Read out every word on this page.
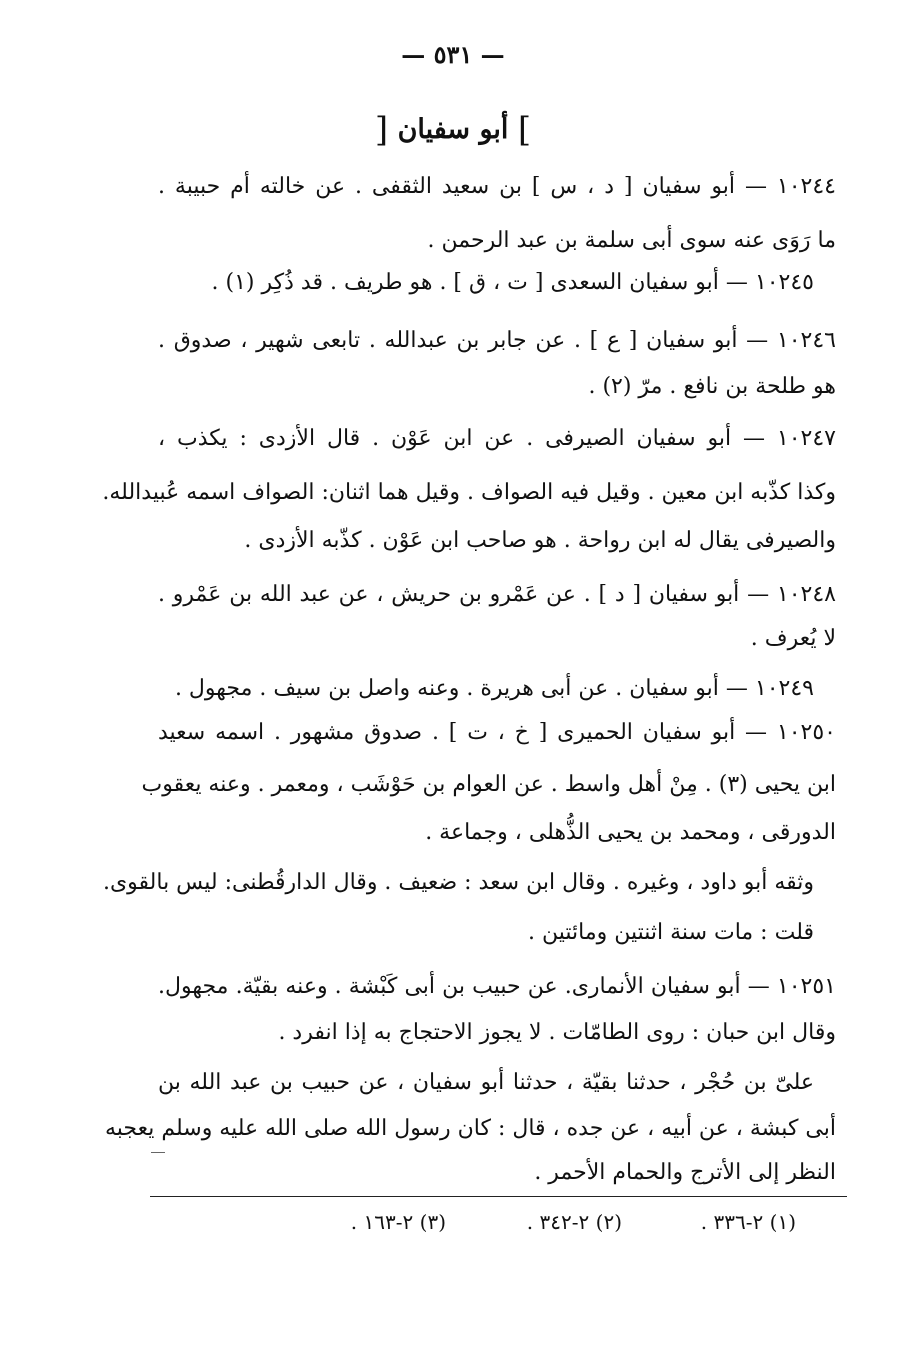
— ٥٣١ —
] أبو سفيان [
١٠٢٤٤ — أبو سفيان [ د ، س ] بن سعيد الثقفى . عن خالته أم حبيبة .
ما رَوَى عنه سوى أبى سلمة بن عبد الرحمن .
١٠٢٤٥ — أبو سفيان السعدى [ ت ، ق ] . هو طريف . قد ذُكِر (١) .
١٠٢٤٦ — أبو سفيان [ ع ] . عن جابر بن عبدالله . تابعى شهير ، صدوق .
هو طلحة بن نافع . مرّ (٢) .
١٠٢٤٧ — أبو سفيان الصيرفى . عن ابن عَوْن . قال الأزدى : يكذب ،
وكذا كذّبه ابن معين . وقيل فيه الصواف . وقيل هما اثنان: الصواف اسمه عُبيدالله.
والصيرفى يقال له ابن رواحة . هو صاحب ابن عَوْن . كذّبه الأزدى .
١٠٢٤٨ — أبو سفيان [ د ] . عن عَمْرو بن حريش ، عن عبد الله بن عَمْرو .
لا يُعرف .
١٠٢٤٩ — أبو سفيان . عن أبى هريرة . وعنه واصل بن سيف . مجهول .
١٠٢٥٠ — أبو سفيان الحميرى [ خ ، ت ] . صدوق مشهور . اسمه سعيد
ابن يحيى (٣) . مِنْ أهل واسط . عن العوام بن حَوْشَب ، ومعمر . وعنه يعقوب
الدورقى ، ومحمد بن يحيى الذُّهلى ، وجماعة .
وثقه أبو داود ، وغيره . وقال ابن سعد : ضعيف . وقال الدارقُطنى: ليس بالقوى.
قلت : مات سنة اثنتين ومائتين .
١٠٢٥١ — أبو سفيان الأنمارى. عن حبيب بن أبى كَبْشة . وعنه بقيّة. مجهول.
وقال ابن حبان : روى الطامّات . لا يجوز الاحتجاج به إذا انفرد .
علىّ بن حُجْر ، حدثنا بقيّة ، حدثنا أبو سفيان ، عن حبيب بن عبد الله بن
أبى كبشة ، عن أبيه ، عن جده ، قال : كان رسول الله صلى الله عليه وسلم يعجبه
النظر إلى الأترج والحمام الأحمر .
(١) ٢-٣٣٦ .
(٢) ٢-٣٤٢ .
(٣) ٢-١٦٣ .
